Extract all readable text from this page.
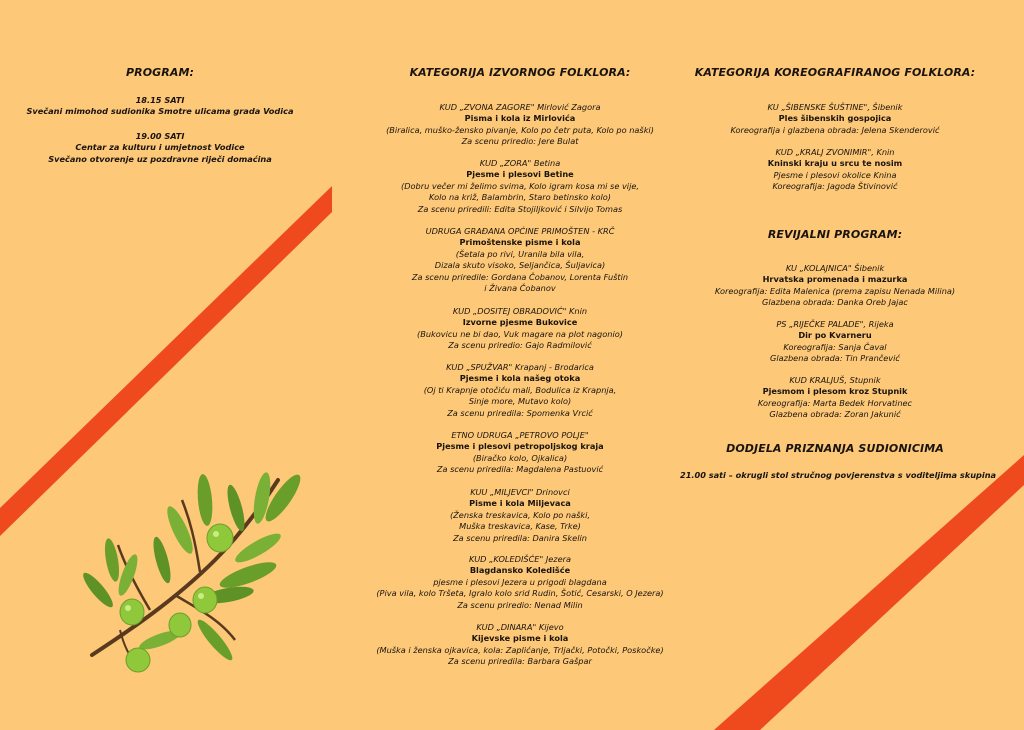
PROGRAM:
18.15 SATI
Svečani mimohod sudionika Smotre ulicama grada Vodica
19.00 SATI
Centar za kulturu i umjetnost Vodice
Svečano otvorenje uz pozdravne riječi domaćina
KATEGORIJA IZVORNOG FOLKLORA:
KUD „ZVONA ZAGORE" Mirlović Zagora
Pisma i kola iz Mirlovića
(Biralica, muško-žensko pivanje, Kolo po četr puta, Kolo po naški)
Za scenu priredio: Jere Bulat
KUD „ZORA" Betina
Pjesme i plesovi Betine
(Dobru večer mi želimo svima, Kolo igram kosa mi se vije,
Kolo na križ, Balambrin, Staro betinsko kolo)
Za scenu priredili: Edita Stojiljković i Silvijo Tomas
UDRUGA GRAĐANA OPĆINE PRIMOŠTEN - KRČ
Primoštenske pisme i kola
(Šetala po rivi, Uranila bila vila,
Dizala skuto visoko, Seljančica, Šuljavica)
Za scenu priredile: Gordana Čobanov, Lorenta Fuštin
i Živana Čobanov
KUD „DOSITEJ OBRADOVIĆ" Knin
Izvorne pjesme Bukovice
(Bukovicu ne bi dao, Vuk magare na plot nagonio)
Za scenu priredio: Gajo Radmilović
KUD „SPUŽVAR" Krapanj - Brodarica
Pjesme i kola našeg otoka
(Oj ti Krapnje otočiću mali, Bodulica iz Krapnja,
Sinje more, Mutavo kolo)
Za scenu priredila: Spomenka Vrcić
ETNO UDRUGA „PETROVO POLJE"
Pjesme i plesovi petropoljskog kraja
(Biračko kolo, Ojkalica)
Za scenu priredila: Magdalena Pastuović
KUU „MILJEVCI" Drinovci
Pisme i kola Miljevaca
(Ženska treskavica, Kolo po naški,
Muška treskavica, Kase, Trke)
Za scenu priredila: Danira Skelin
KUD „KOLEDIŠĆE" Jezera
Blagdansko Koledišće
pjesme i plesovi Jezera u prigodi blagdana
(Piva vila, kolo Tršeta, Igralo kolo srid Rudin, Šotić, Cesarski, O Jezera)
Za scenu priredio: Nenad Milin
KUD „DINARA" Kijevo
Kijevske pisme i kola
(Muška i ženska ojkavica, kola: Zaplićanje, Trljački, Potočki, Poskočke)
Za scenu priredila: Barbara Gašpar
KATEGORIJA KOREOGRAFIRANOG FOLKLORA:
KU „ŠIBENSKE ŠUŠTINE", Šibenik
Ples šibenskih gospojica
Koreografija i glazbena obrada: Jelena Skenderović
KUD „KRALJ ZVONIMIR", Knin
Kninski kraju u srcu te nosim
Pjesme i plesovi okolice Knina
Koreografija: Jagoda Štivinović
REVIJALNI PROGRAM:
KU „KOLAJNICA" Šibenik
Hrvatska promenada i mazurka
Koreografija: Edita Malenica (prema zapisu Nenada Milina)
Glazbena obrada: Danka Oreb Jajac
PS „RIJEČKE PALADE", Rijeka
Dir po Kvarneru
Koreografija: Sanja Čaval
Glazbena obrada: Tin Prančević
KUD KRALJUŠ, Stupnik
Pjesmom i plesom kroz Stupnik
Koreografija: Marta Bedek Horvatinec
Glazbena obrada: Zoran Jakunić
DODJELA PRIZNANJA SUDIONICIMA
21.00 sati – okrugli stol stručnog povjerenstva s voditeljima skupina
